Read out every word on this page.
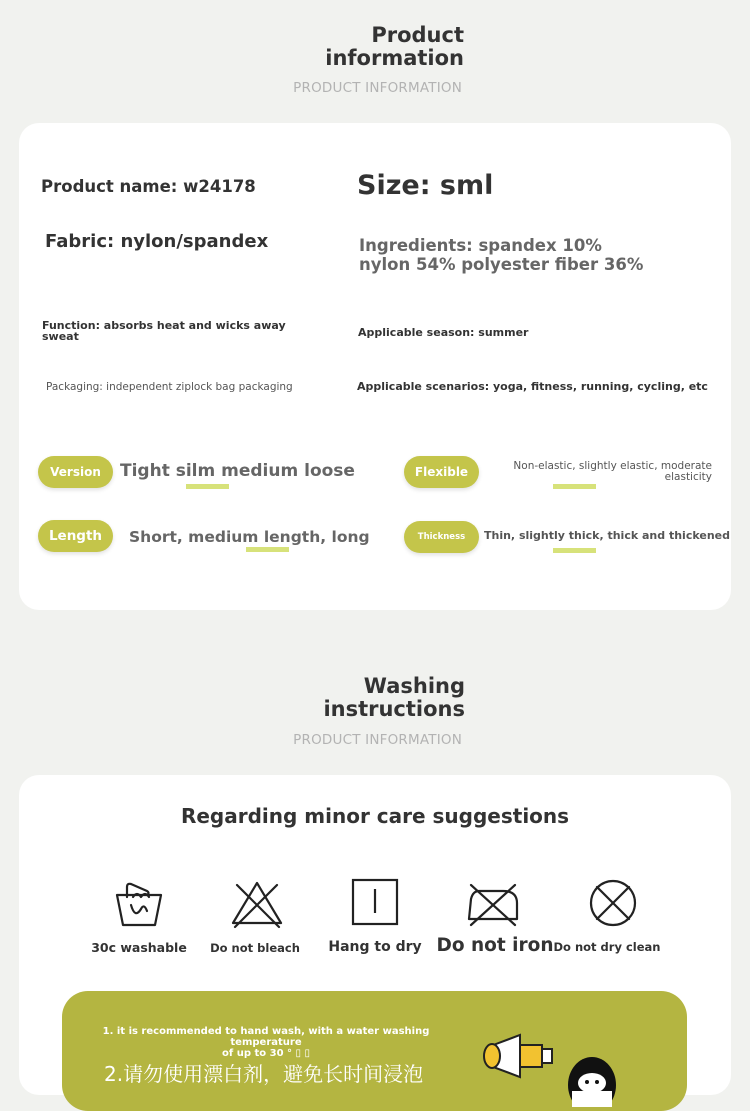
Product
information
PRODUCT INFORMATION
Product name: w24178	Size: sml
Fabric: nylon/spandex	Ingredients: spandex 10%
nylon 54% polyester fiber 36%
Function: absorbs heat and wicks away
sweat	Applicable season: summer
Packaging: independent ziplock bag packaging	Applicable scenarios: yoga, fitness, running, cycling, etc
Version	Tight silm medium loose	Flexible	Non-elastic, slightly elastic, moderate
elasticity
Length	Short, medium length, long	Thickness	Thin, slightly thick, thick and thickened
Washing
instructions
PRODUCT INFORMATION
Regarding minor care suggestions
30c washable	Do not bleach	Hang to dry Do not iron Do not dry clean
1. it is recommended to hand wash, with a water washing temperature
of up to 30 ° ▯ ▯
2.请勿使用漂白剂，避免长时间浸泡
